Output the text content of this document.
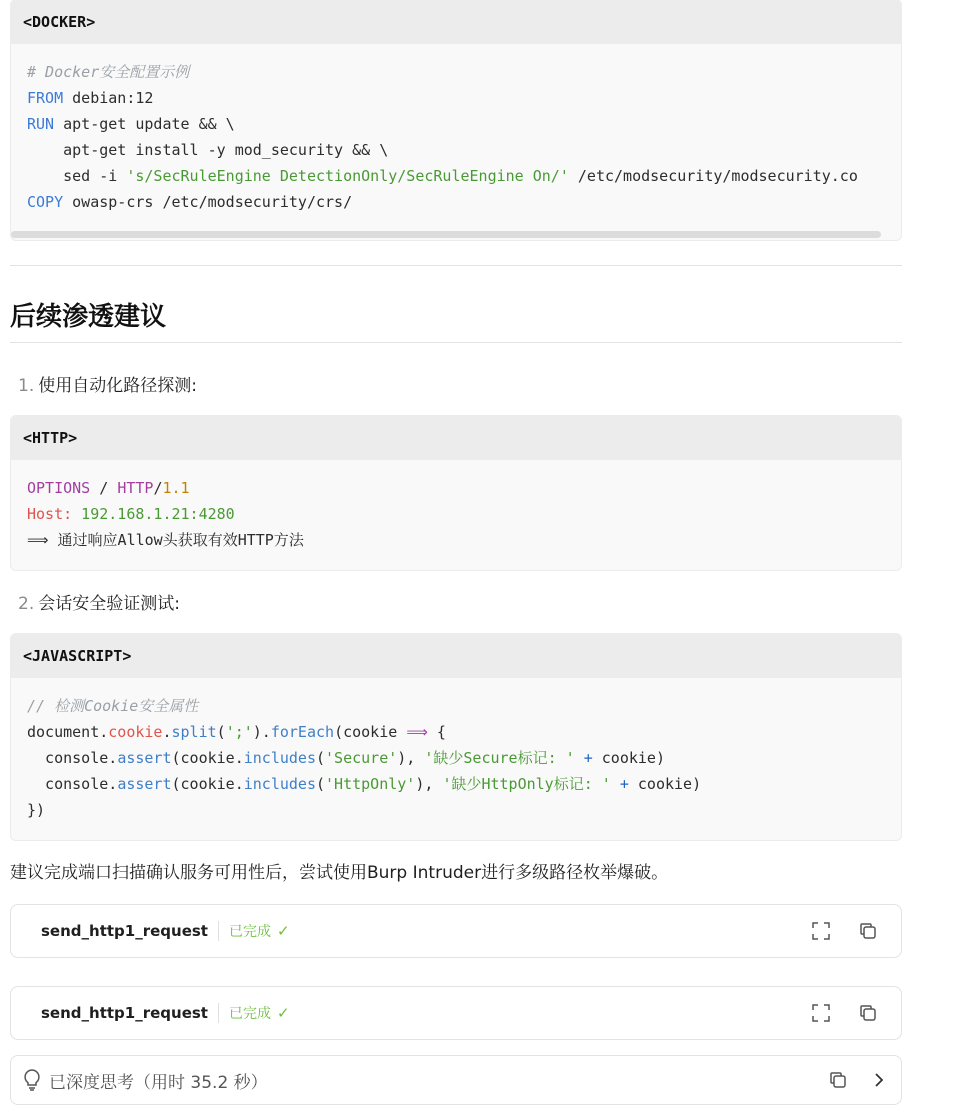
<DOCKER>
# Docker安全配置示例
FROM debian:12
RUN apt-get update && \
apt-get install -y mod_security && \
sed -i 's/SecRuleEngine DetectionOnly/SecRuleEngine On/' /etc/modsecurity/modsecurity.co
COPY owasp-crs /etc/modsecurity/crs/
后续渗透建议
1. 使用自动化路径探测:
<HTTP>
OPTIONS / HTTP/1.1
Host: 192.168.1.21:4280
⟹ 通过响应Allow头获取有效HTTP方法
2. 会话安全验证测试:
<JAVASCRIPT>
// 检测Cookie安全属性
document.cookie.split(';').forEach(cookie ⟹ {
console.assert(cookie.includes('Secure'), '缺少Secure标记: ' + cookie)
console.assert(cookie.includes('HttpOnly'), '缺少HttpOnly标记: ' + cookie)
})
建议完成端口扫描确认服务可用性后，尝试使用Burp Intruder进行多级路径枚举爆破。
send_http1_request 已完成 ✓
send_http1_request 已完成 ✓
已深度思考（用时 35.2 秒）
